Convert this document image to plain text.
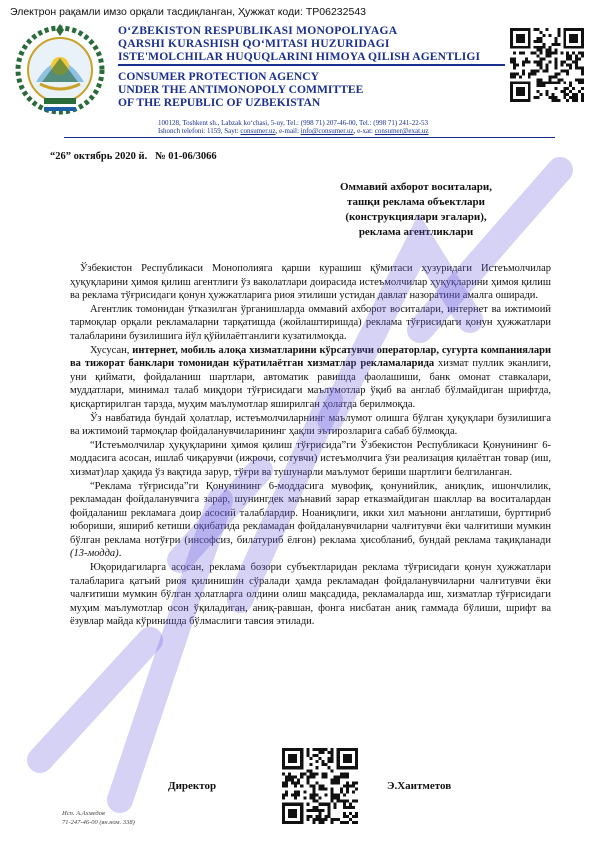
Электрон рақамли имзо орқали тасдиқланган, Ҳужжат коди: TP06232543
O‘ZBEKISTON RESPUBLIKASI MONOPOLIYAGA
QARSHI KURASHISH QO‘MITASI HUZURIDAGI
ISTE'MOLCHILAR HUQUQLARINI HIMOYA QILISH AGENTLIGI
CONSUMER PROTECTION AGENCY
UNDER THE ANTIMONOPOLY COMMITTEE
OF THE REPUBLIC OF UZBEKISTAN
100128, Toshkent sh., Labzak ko‘chasi, 5-uy, Tel.: (998 71) 207-46-00, Tel.: (998 71) 241-22-53
Ishonch telefoni: 1159, Sayt: consumer.uz, e-mail: info@consumer.uz, e-xat: consumer@exat.uz
“26” октябрь 2020 й. № 01-06/3066
Оммавий ахборот воситалари,
ташқи реклама объектлари
(конструкциялари эгалари),
реклама агентликлари

Ўзбекистон Республикаси Монополияга қарши курашиш қўмитаси ҳузуридаги Истеъмолчилар ҳуқуқларини ҳимоя қилиш агентлиги ўз ваколатлари доирасида истеъмолчилар ҳуқуқларини ҳимоя қилиш ва реклама тўғрисидаги қонун ҳужжатларига риоя этилиши устидан давлат назоратини амалга оширади.

Агентлик томонидан ўтказилган ўрганишларда оммавий ахборот воситалари, интернет ва ижтимоий тармоқлар орқали рекламаларни тарқатишда (жойлаштиришда) реклама тўғрисидаги қонун ҳужжатлари талабларини бузилишига йўл қўйилаётганлиги кузатилмоқда.

Хусусан, интернет, мобиль алоқа хизматларини кўрсатувчи операторлар, сугурта компаниялари ва тижорат банклари томонидан кўратилаётган хизматлар рекламаларида хизмат пуллик эканлиги, уни қиймати, фойдаланиш шартлари, автоматик равишда фаолашиши, банк омонат ставкалари, муддатлари, минимал талаб миқдори тўғрисидаги маълумотлар ўқиб ва англаб бўлмайдиган шрифтда, қисқартирилган тарзда, муҳим маълумотлар яширилган ҳолатда берилмоқда.

Ўз навбатида бундай ҳолатлар, истеъмолчиларнинг маълумот олишга бўлган ҳуқуқлари бузилишига ва ижтимоий тармоқлар фойдаланувчиларининг ҳақли эътирозларига сабаб бўлмоқда.

“Истеъмолчилар ҳуқуқларини ҳимоя қилиш тўғрисида”ги Ўзбекистон Республикаси Қонунининг 6-моддасига асосан, ишлаб чиқарувчи (ижрочи, сотувчи) истеъмолчига ўзи реализация қилаётган товар (иш, хизмат)лар ҳақида ўз вақтида зарур, тўғри ва тушунарли маълумот бериши шартлиги белгиланган.

“Реклама тўғрисида”ги Қонунининг 6-моддасига мувофиқ, қонунийлик, аниқлик, ишончлилик, рекламадан фойдаланувчига зарар, шунингдек маънавий зарар етказмайдиган шакллар ва воситалардан фойдаланиш рекламага доир асосий талаблардир. Ноаниқлиги, икки хил маънони англатиши, бурттириб юбориши, яшириб кетиши оқибатида рекламадан фойдаланувчиларни чалғитувчи ёки чалғитиши мумкин бўлган реклама нотўғри (инсофсиз, билатуриб ёлғон) реклама ҳисобланиб, бундай реклама тақиқланади (13-модда).

Юқоридагиларга асосан, реклама бозори субъектларидан реклама тўғрисидаги қонун ҳужжатлари талабларига қатъий риоя қилинишин сўралади ҳамда рекламадан фойдаланувчиларни чалғитувчи ёки чалғитиши мумкин бўлган ҳолатларга олдини олиш мақсадида, рекламаларда иш, хизматлар тўғрисидаги муҳим маълумотлар осон ўқиладиган, аниқ-равшан, фонга нисбатан аниқ гаммада бўлиши, шрифт ва ёзувлар майда кўринишда бўлмаслиги тавсия этилади.

Директор	Э.Хаитметов
Исп. А.Ахмедов
71-247-46-00 (вн.ном. 338)
